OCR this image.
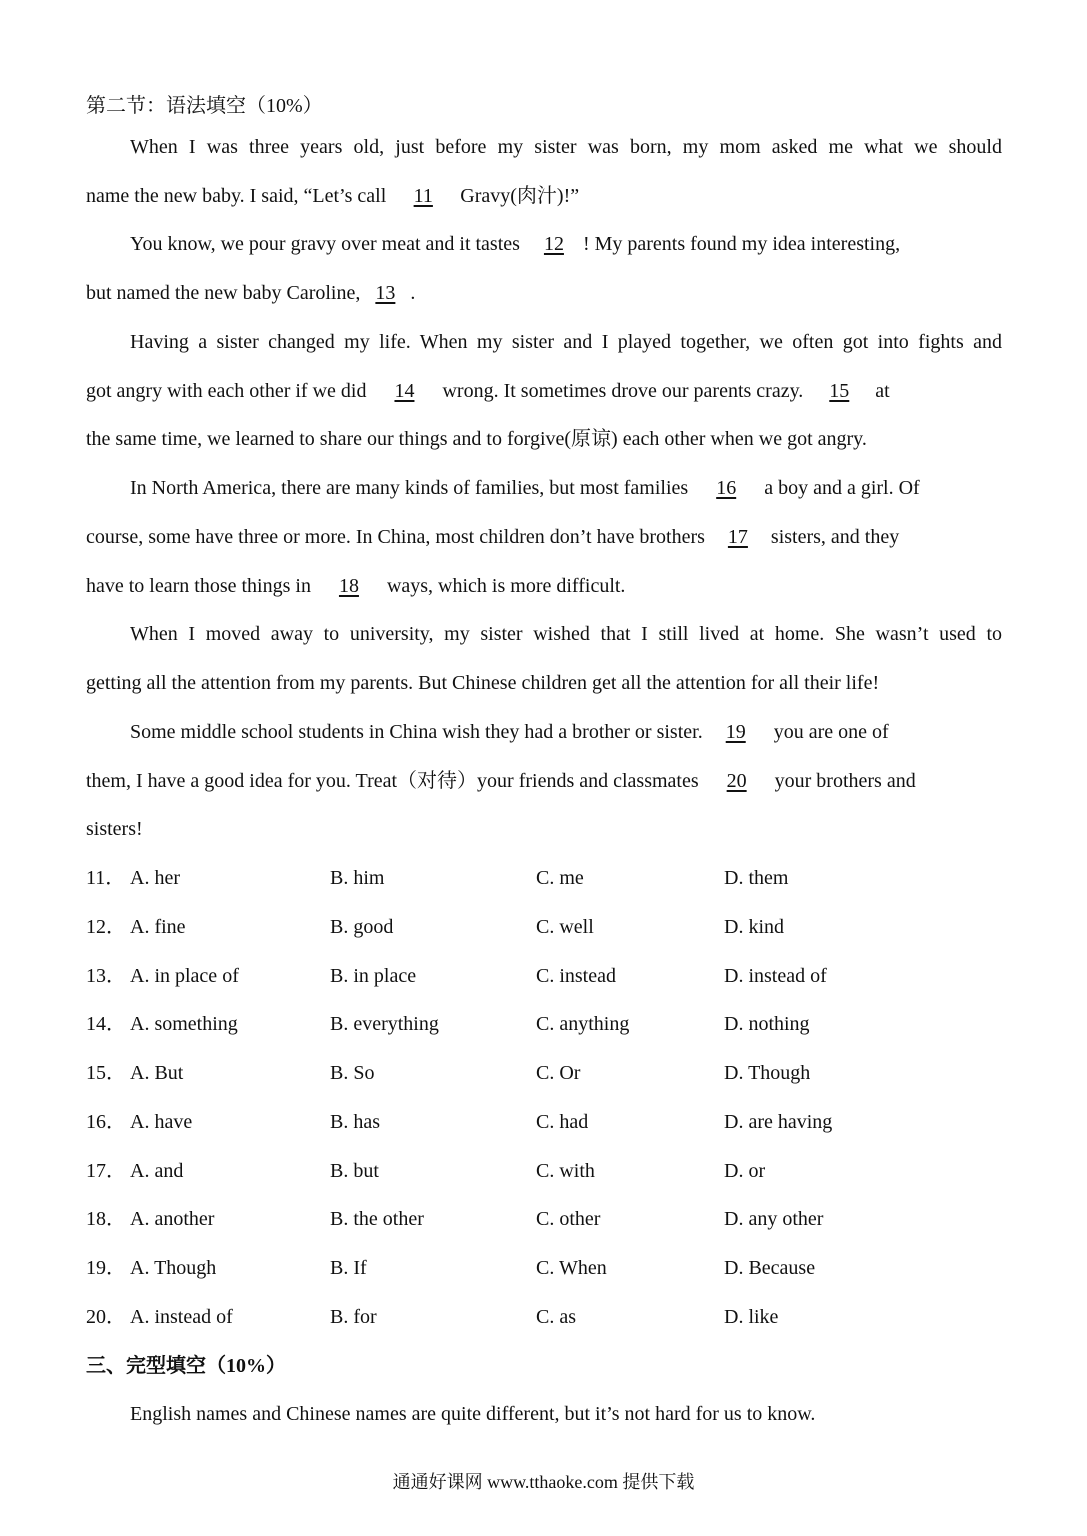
第二节：语法填空（10%）
When I was three years old, just before my sister was born, my mom asked me what we should
name the new baby. I said, “Let’s call 11 Gravy(肉汁)!”
You know, we pour gravy over meat and it tastes 12 ! My parents found my idea interesting,
but named the new baby Caroline, 13 .
Having a sister changed my life. When my sister and I played together, we often got into fights and
got angry with each other if we did 14 wrong. It sometimes drove our parents crazy. 15 at
the same time, we learned to share our things and to forgive(原谅) each other when we got angry.
In North America, there are many kinds of families, but most families 16 a boy and a girl. Of
course, some have three or more. In China, most children don’t have brothers 17 sisters, and they
have to learn those things in 18 ways, which is more difficult.
When I moved away to university, my sister wished that I still lived at home. She wasn’t used to
getting all the attention from my parents. But Chinese children get all the attention for all their life!
Some middle school students in China wish they had a brother or sister. 19 you are one of
them, I have a good idea for you. Treat（对待）your friends and classmates 20 your brothers and
sisters!
11． A. her	B. him	C. me	D. them
12． A. fine	B. good	C. well	D. kind
13． A. in place of	B. in place	C. instead	D. instead of
14． A. something	B. everything	C. anything	D. nothing
15． A. But	B. So	C. Or	D. Though
16． A. have	B. has	C. had	D. are having
17． A. and	B. but	C. with	D. or
18． A. another	B. the other	C. other	D. any other
19． A. Though	B. If	C. When	D. Because
20． A. instead of	B. for	C. as	D. like
三、完型填空（10%）
English names and Chinese names are quite different, but it’s not hard for us to know.
通通好课网 www.tthaoke.com 提供下载
